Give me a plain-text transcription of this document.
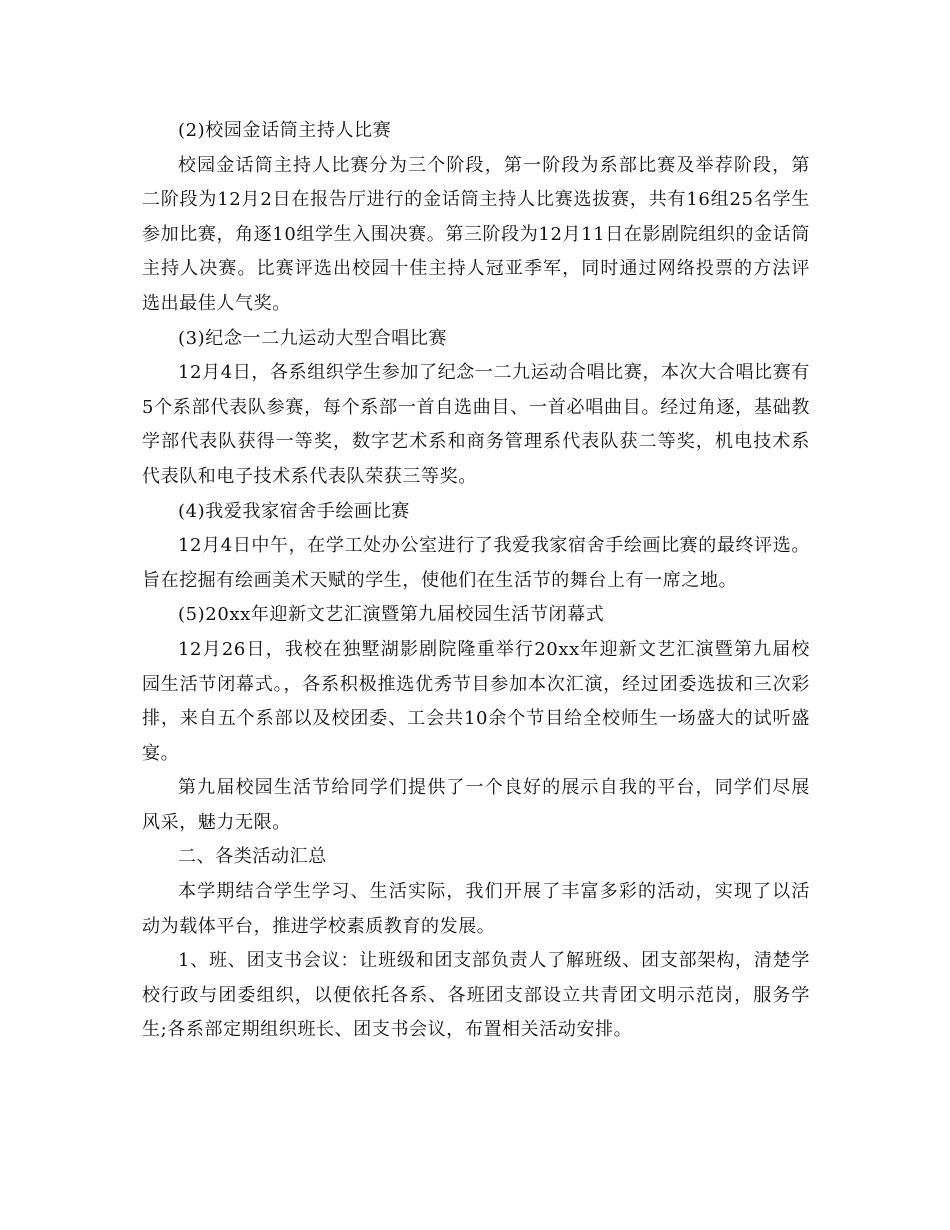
(2)校园金话筒主持人比赛

校园金话筒主持人比赛分为三个阶段，第一阶段为系部比赛及举荐阶段，第二阶段为12月2日在报告厅进行的金话筒主持人比赛选拔赛，共有16组25名学生参加比赛，角逐10组学生入围决赛。第三阶段为12月11日在影剧院组织的金话筒主持人决赛。比赛评选出校园十佳主持人冠亚季军，同时通过网络投票的方法评选出最佳人气奖。

(3)纪念一二九运动大型合唱比赛

12月4日，各系组织学生参加了纪念一二九运动合唱比赛，本次大合唱比赛有5个系部代表队参赛，每个系部一首自选曲目、一首必唱曲目。经过角逐，基础教学部代表队获得一等奖，数字艺术系和商务管理系代表队获二等奖，机电技术系代表队和电子技术系代表队荣获三等奖。

(4)我爱我家宿舍手绘画比赛

12月4日中午，在学工处办公室进行了我爱我家宿舍手绘画比赛的最终评选。旨在挖掘有绘画美术天赋的学生，使他们在生活节的舞台上有一席之地。

(5)20xx年迎新文艺汇演暨第九届校园生活节闭幕式

12月26日，我校在独墅湖影剧院隆重举行20xx年迎新文艺汇演暨第九届校园生活节闭幕式。，各系积极推选优秀节目参加本次汇演，经过团委选拔和三次彩排，来自五个系部以及校团委、工会共10余个节目给全校师生一场盛大的试听盛宴。

第九届校园生活节给同学们提供了一个良好的展示自我的平台，同学们尽展风采，魅力无限。

二、各类活动汇总

本学期结合学生学习、生活实际，我们开展了丰富多彩的活动，实现了以活动为载体平台，推进学校素质教育的发展。

1、班、团支书会议：让班级和团支部负责人了解班级、团支部架构，清楚学校行政与团委组织，以便依托各系、各班团支部设立共青团文明示范岗，服务学生;各系部定期组织班长、团支书会议，布置相关活动安排。
